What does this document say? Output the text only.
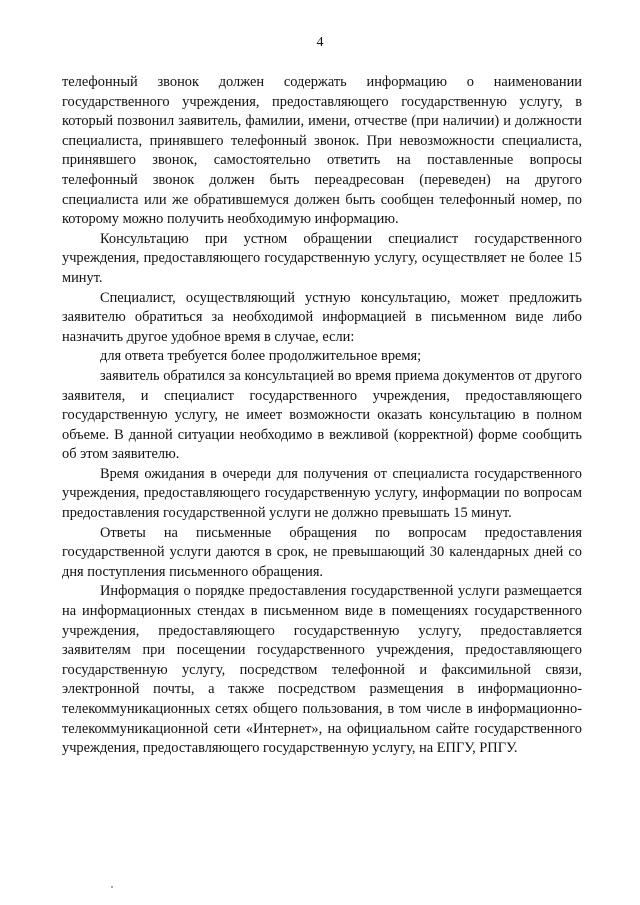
4

телефонный звонок должен содержать информацию о наименовании государственного учреждения, предоставляющего государственную услугу, в который позвонил заявитель, фамилии, имени, отчестве (при наличии) и должности специалиста, принявшего телефонный звонок. При невозможности специалиста, принявшего звонок, самостоятельно ответить на поставленные вопросы телефонный звонок должен быть переадресован (переведен) на другого специалиста или же обратившемуся должен быть сообщен телефонный номер, по которому можно получить необходимую информацию.

Консультацию при устном обращении специалист государственного учреждения, предоставляющего государственную услугу, осуществляет не более 15 минут.

Специалист, осуществляющий устную консультацию, может предложить заявителю обратиться за необходимой информацией в письменном виде либо назначить другое удобное время в случае, если:

для ответа требуется более продолжительное время;

заявитель обратился за консультацией во время приема документов от другого заявителя, и специалист государственного учреждения, предоставляющего государственную услугу, не имеет возможности оказать консультацию в полном объеме. В данной ситуации необходимо в вежливой (корректной) форме сообщить об этом заявителю.

Время ожидания в очереди для получения от специалиста государственного учреждения, предоставляющего государственную услугу, информации по вопросам предоставления государственной услуги не должно превышать 15 минут.

Ответы на письменные обращения по вопросам предоставления государственной услуги даются в срок, не превышающий 30 календарных дней со дня поступления письменного обращения.

Информация о порядке предоставления государственной услуги размещается на информационных стендах в письменном виде в помещениях государственного учреждения, предоставляющего государственную услугу, предоставляется заявителям при посещении государственного учреждения, предоставляющего государственную услугу, посредством телефонной и факсимильной связи, электронной почты, а также посредством размещения в информационно-телекоммуникационных сетях общего пользования, в том числе в информационно-телекоммуникационной сети «Интернет», на официальном сайте государственного учреждения, предоставляющего государственную услугу, на ЕПГУ, РПГУ.
